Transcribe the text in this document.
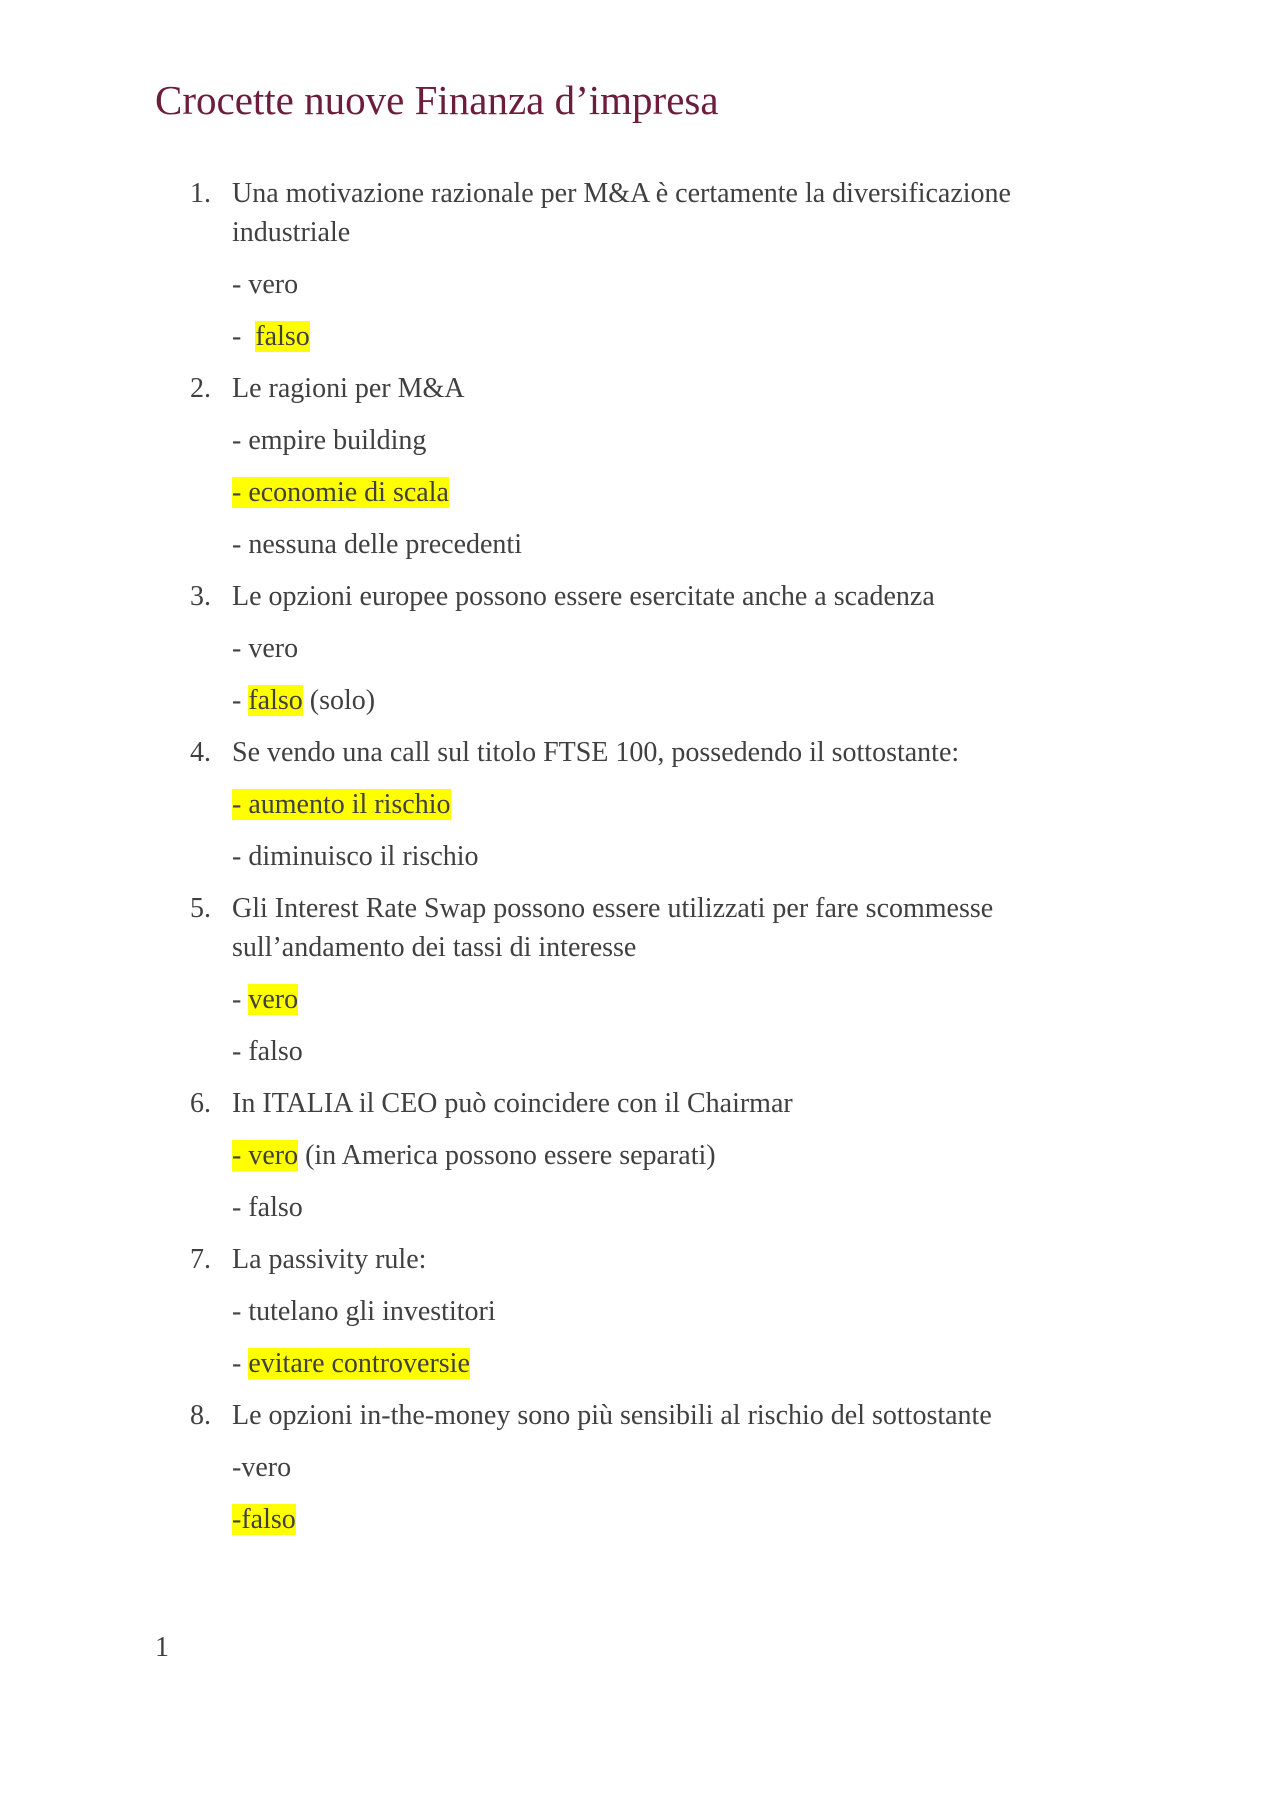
Crocette nuove Finanza d’impresa
1. Una motivazione razionale per M&A è certamente la diversificazione industriale
- vero
-  falso
2. Le ragioni per M&A
- empire building
- economie di scala
- nessuna delle precedenti
3. Le opzioni europee possono essere esercitate anche a scadenza
- vero
- falso (solo)
4. Se vendo una call sul titolo FTSE 100, possedendo il sottostante:
- aumento il rischio
- diminuisco il rischio
5. Gli Interest Rate Swap possono essere utilizzati per fare scommesse sull’andamento dei tassi di interesse
- vero
- falso
6. In ITALIA il CEO può coincidere con il Chairmar
- vero (in America possono essere separati)
- falso
7. La passivity rule:
- tutelano gli investitori
- evitare controversie
8. Le opzioni in-the-money sono più sensibili al rischio del sottostante
-vero
-falso
1
